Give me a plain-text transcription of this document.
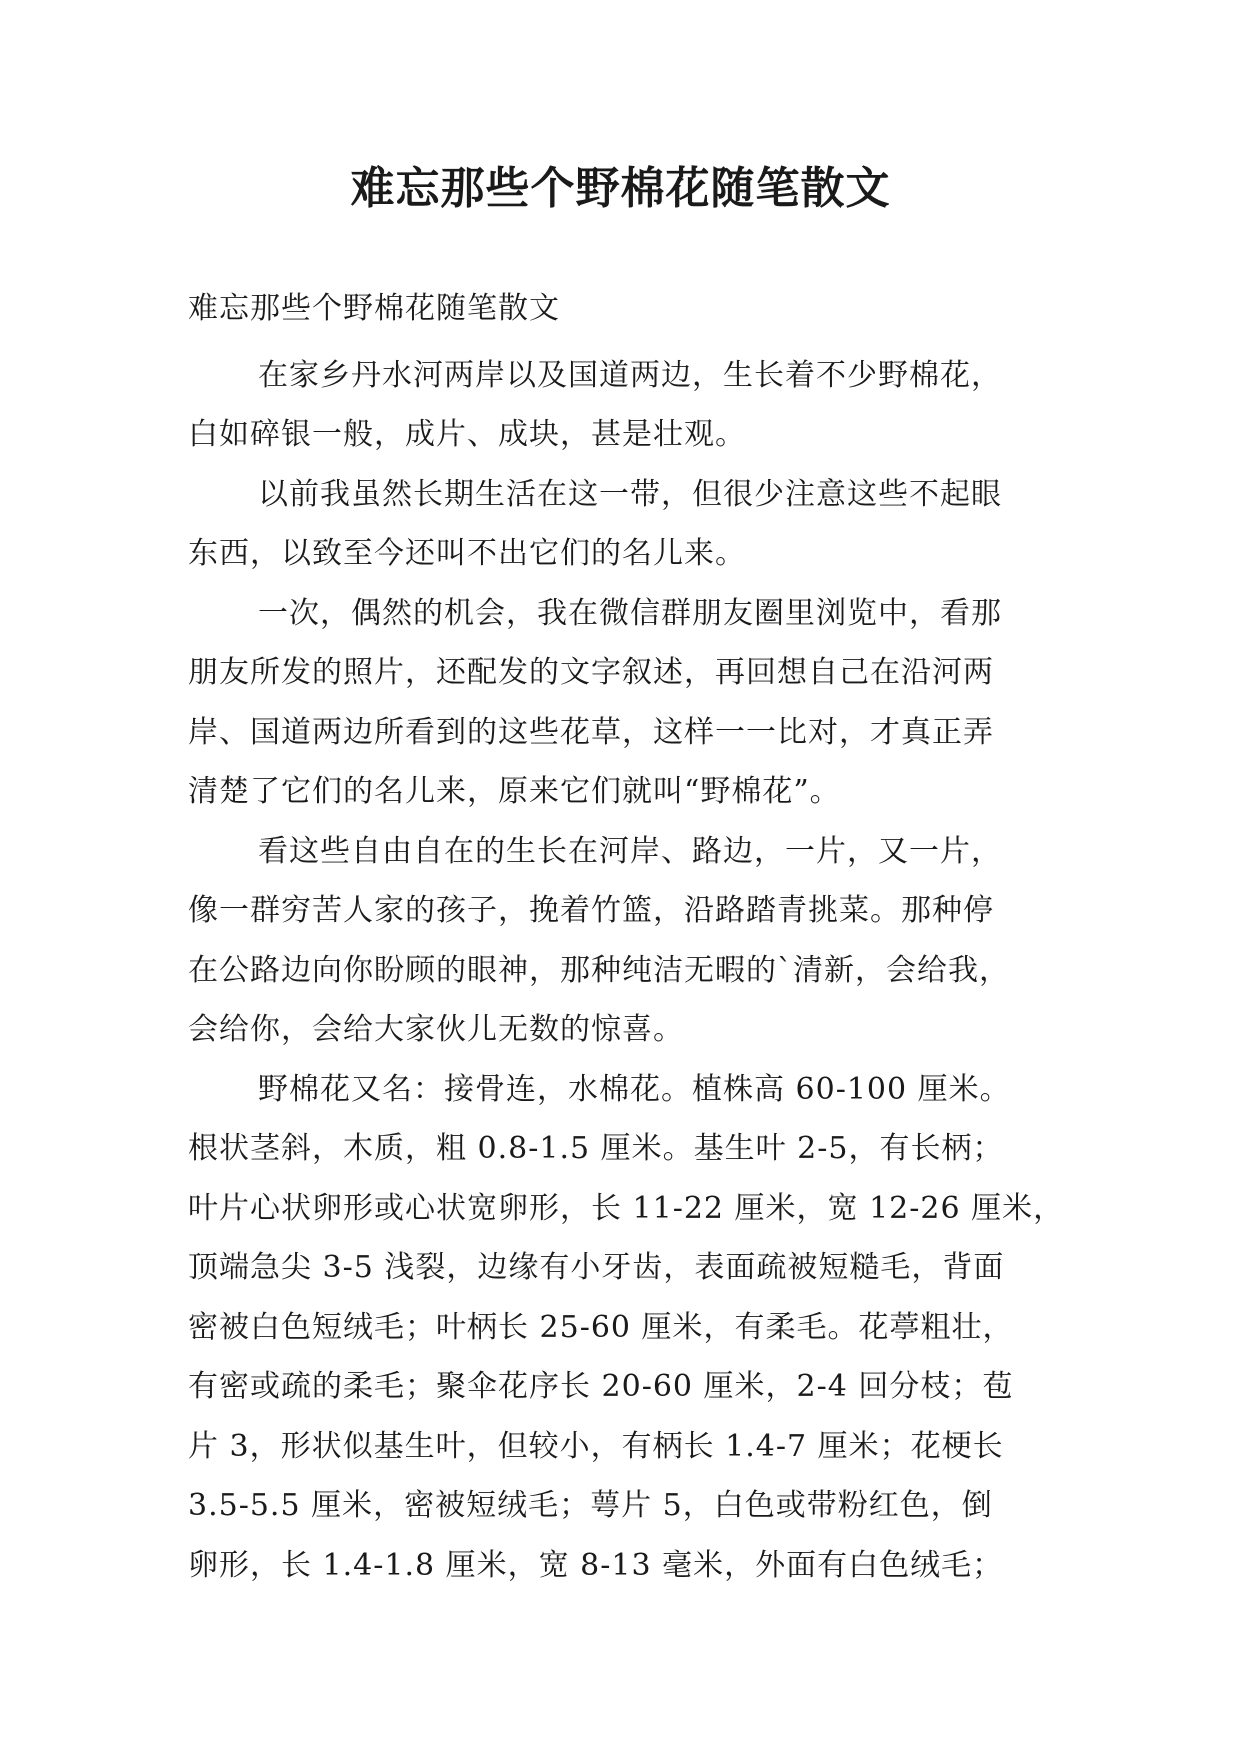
难忘那些个野棉花随笔散文
难忘那些个野棉花随笔散文
在家乡丹水河两岸以及国道两边，生长着不少野棉花，
白如碎银一般，成片、成块，甚是壮观。
以前我虽然长期生活在这一带，但很少注意这些不起眼
东西，以致至今还叫不出它们的名儿来。
一次，偶然的机会，我在微信群朋友圈里浏览中，看那
朋友所发的照片，还配发的文字叙述，再回想自己在沿河两
岸、国道两边所看到的这些花草，这样一一比对，才真正弄
清楚了它们的名儿来，原来它们就叫“野棉花”。
看这些自由自在的生长在河岸、路边，一片，又一片，
像一群穷苦人家的孩子，挽着竹篮，沿路踏青挑菜。那种停
在公路边向你盼顾的眼神，那种纯洁无暇的`清新，会给我，
会给你，会给大家伙儿无数的惊喜。
野棉花又名：接骨连，水棉花。植株高 60-100 厘米。
根状茎斜，木质，粗 0.8-1.5 厘米。基生叶 2-5，有长柄；
叶片心状卵形或心状宽卵形，长 11-22 厘米，宽 12-26 厘米，
顶端急尖 3-5 浅裂，边缘有小牙齿，表面疏被短糙毛，背面
密被白色短绒毛；叶柄长 25-60 厘米，有柔毛。花葶粗壮，
有密或疏的柔毛；聚伞花序长 20-60 厘米，2-4 回分枝；苞
片 3，形状似基生叶，但较小，有柄长 1.4-7 厘米；花梗长
3.5-5.5 厘米，密被短绒毛；萼片 5，白色或带粉红色，倒
卵形，长 1.4-1.8 厘米，宽 8-13 毫米，外面有白色绒毛；
